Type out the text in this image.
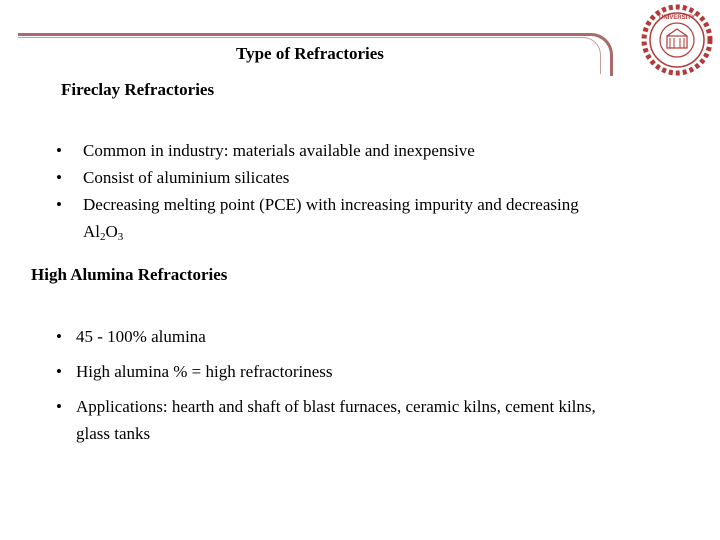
Type of Refractories
UNIVERSITY
Fireclay Refractories
• Common in industry: materials available and inexpensive
• Consist of aluminium silicates
• Decreasing melting point (PCE) with increasing impurity and decreasing $Al_2O_3$
High Alumina Refractories
• 45 - 100% alumina
• High alumina % = high refractoriness
• Applications: hearth and shaft of blast furnaces, ceramic kilns, cement kilns, glass tanks
